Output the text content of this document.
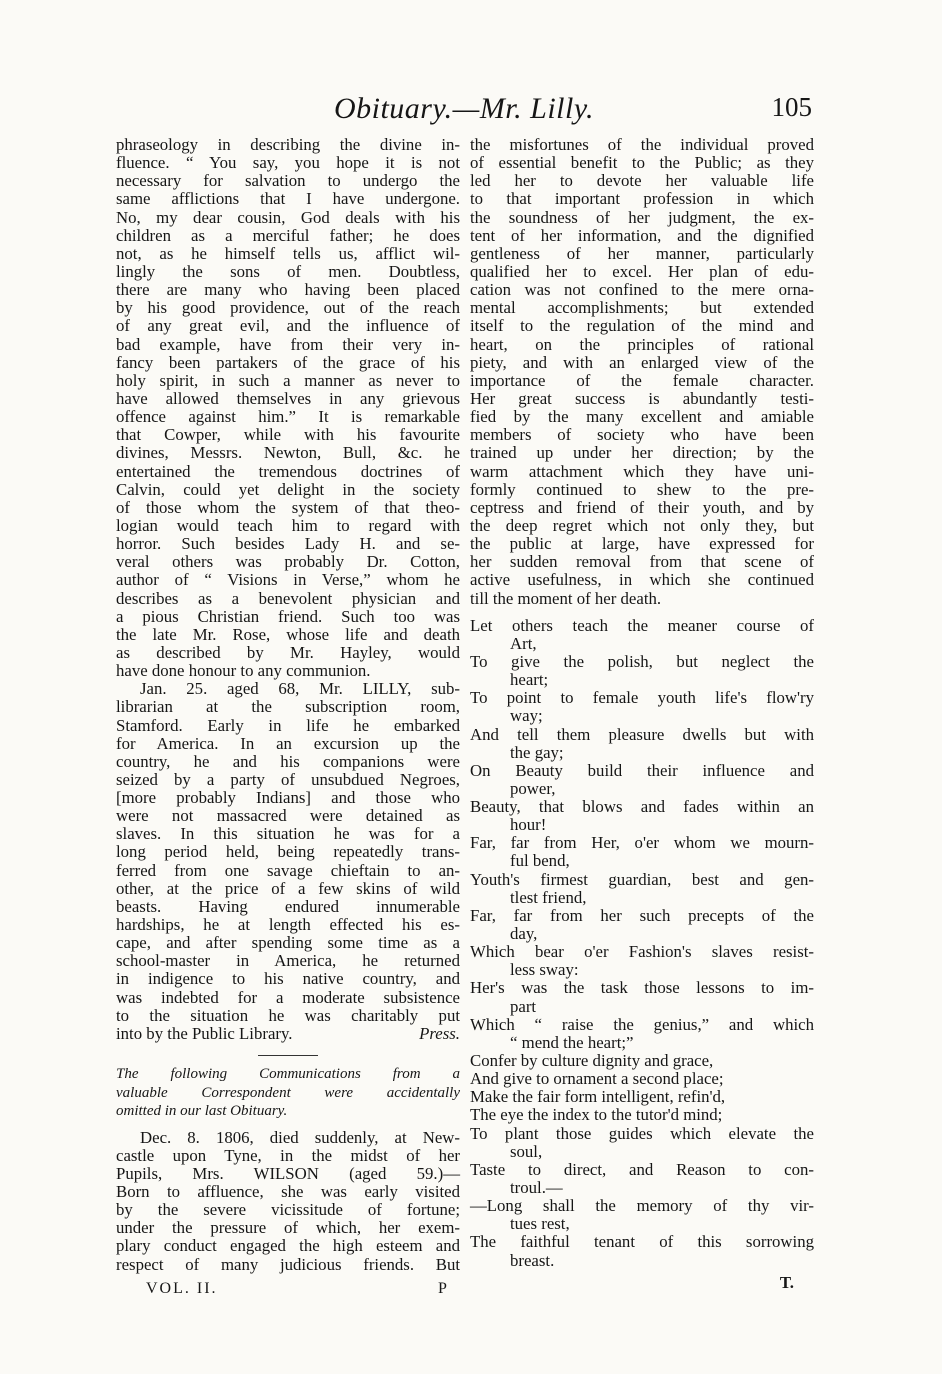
Obituary.—Mr. Lilly.	105
phraseology in describing the divine in-
fluence. “ You say, you hope it is not
necessary for salvation to undergo the
same afflictions that I have undergone.
No, my dear cousin, God deals with his
children as a merciful father; he does
not, as he himself tells us, afflict wil-
lingly the sons of men. Doubtless,
there are many who having been placed
by his good providence, out of the reach
of any great evil, and the influence of
bad example, have from their very in-
fancy been partakers of the grace of his
holy spirit, in such a manner as never to
have allowed themselves in any grievous
offence against him.” It is remarkable
that Cowper, while with his favourite
divines, Messrs. Newton, Bull, &c. he
entertained the tremendous doctrines of
Calvin, could yet delight in the society
of those whom the system of that theo-
logian would teach him to regard with
horror. Such besides Lady H. and se-
veral others was probably Dr. Cotton,
author of “ Visions in Verse,” whom he
describes as a benevolent physician and
a pious Christian friend. Such too was
the late Mr. Rose, whose life and death
as described by Mr. Hayley, would
have done honour to any communion.
Jan. 25. aged 68, Mr. LILLY, sub-
librarian at the subscription room,
Stamford. Early in life he embarked
for America. In an excursion up the
country, he and his companions were
seized by a party of unsubdued Negroes,
[more probably Indians] and those who
were not massacred were detained as
slaves. In this situation he was for a
long period held, being repeatedly trans-
ferred from one savage chieftain to an-
other, at the price of a few skins of wild
beasts. Having endured innumerable
hardships, he at length effected his es-
cape, and after spending some time as a
school-master in America, he returned
in indigence to his native country, and
was indebted for a moderate subsistence
to the situation he was charitably put
into by the Public Library.	Press.
The following Communications from a
valuable Correspondent were accidentally
omitted in our last Obituary.
Dec. 8. 1806, died suddenly, at New-
castle upon Tyne, in the midst of her
Pupils, Mrs. WILSON (aged 59.)—
Born to affluence, she was early visited
by the severe vicissitude of fortune;
under the pressure of which, her exem-
plary conduct engaged the high esteem and
respect of many judicious friends. But
the misfortunes of the individual proved
of essential benefit to the Public; as they
led her to devote her valuable life
to that important profession in which
the soundness of her judgment, the ex-
tent of her information, and the dignified
gentleness of her manner, particularly
qualified her to excel. Her plan of edu-
cation was not confined to the mere orna-
mental accomplishments; but extended
itself to the regulation of the mind and
heart, on the principles of rational
piety, and with an enlarged view of the
importance of the female character.
Her great success is abundantly testi-
fied by the many excellent and amiable
members of society who have been
trained up under her direction; by the
warm attachment which they have uni-
formly continued to shew to the pre-
ceptress and friend of their youth, and by
the deep regret which not only they, but
the public at large, have expressed for
her sudden removal from that scene of
active usefulness, in which she continued
till the moment of her death.
Let others teach the meaner course of
Art,
To give the polish, but neglect the
heart;
To point to female youth life's flow'ry
way;
And tell them pleasure dwells but with
the gay;
On Beauty build their influence and
power,
Beauty, that blows and fades within an
hour!
Far, far from Her, o'er whom we mourn-
ful bend,
Youth's firmest guardian, best and gen-
tlest friend,
Far, far from her such precepts of the
day,
Which bear o'er Fashion's slaves resist-
less sway:
Her's was the task those lessons to im-
part
Which “ raise the genius,” and which
“ mend the heart;”
Confer by culture dignity and grace,
And give to ornament a second place;
Make the fair form intelligent, refin'd,
The eye the index to the tutor'd mind;
To plant those guides which elevate the
soul,
Taste to direct, and Reason to con-
troul.—
—Long shall the memory of thy vir-
tues rest,
The faithful tenant of this sorrowing
breast.
T.
VOL. II.	P
